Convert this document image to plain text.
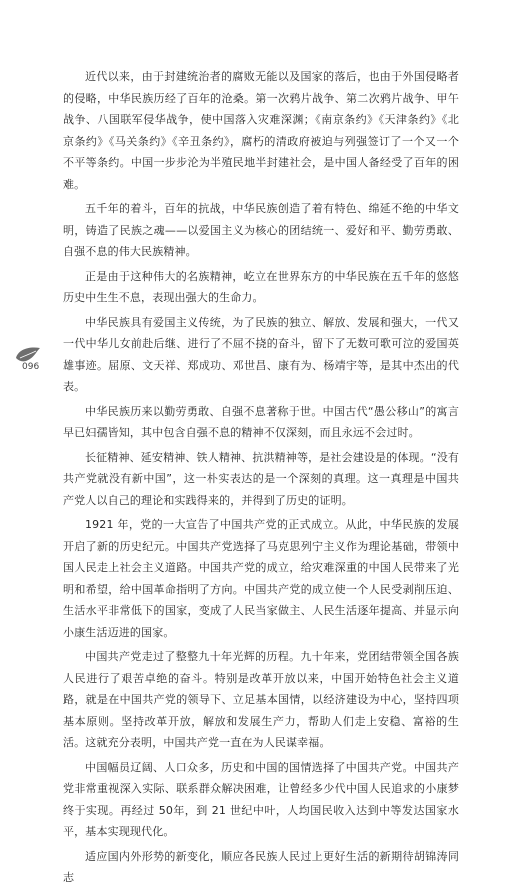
近代以来，由于封建统治者的腐败无能以及国家的落后，也由于外国侵略者的侵略，中华民族历经了百年的沧桑。第一次鸦片战争、第二次鸦片战争、甲午战争、八国联军侵华战争，使中国落入灾难深渊；《南京条约》《天津条约》《北京条约》《马关条约》《辛丑条约》，腐朽的清政府被迫与列强签订了一个又一个不平等条约。中国一步步沦为半殖民地半封建社会，是中国人备经受了百年的困难。

五千年的着斗，百年的抗战，中华民族创造了着有特色、绵延不绝的中华文明，铸造了民族之魂——以爱国主义为核心的团结统一、爱好和平、勤劳勇敢、自强不息的伟大民族精神。

正是由于这种伟大的名族精神，屹立在世界东方的中华民族在五千年的悠悠历史中生生不息，表现出强大的生命力。

中华民族具有爱国主义传统，为了民族的独立、解放、发展和强大，一代又一代中华儿女前赴后继、进行了不屈不挠的奋斗，留下了无数可歌可泣的爱国英雄事迹。屈原、文天祥、郑成功、邓世昌、康有为、杨靖宇等，是其中杰出的代表。

中华民族历来以勤劳勇敢、自强不息著称于世。中国古代“愚公移山”的寓言早已妇孺皆知，其中包含自强不息的精神不仅深刻，而且永远不会过时。

长征精神、延安精神、铁人精神、抗洪精神等，是社会建设是的体现。“没有共产党就没有新中国”，这一朴实表达的是一个深刻的真理。这一真理是中国共产党人以自己的理论和实践得来的，并得到了历史的证明。

1921 年，党的一大宣告了中国共产党的正式成立。从此，中华民族的发展开启了新的历史纪元。中国共产党选择了马克思列宁主义作为理论基础，带领中国人民走上社会主义道路。中国共产党的成立，给灾难深重的中国人民带来了光明和希望，给中国革命指明了方向。中国共产党的成立使一个人民受剥削压迫、生活水平非常低下的国家，变成了人民当家做主、人民生活逐年提高、并显示向小康生活迈进的国家。

中国共产党走过了整整九十年光辉的历程。九十年来，党团结带领全国各族人民进行了艰苦卓绝的奋斗。特别是改革开放以来，中国开始特色社会主义道路，就是在中国共产党的领导下、立足基本国情，以经济建设为中心，坚持四项基本原则。坚持改革开放，解放和发展生产力，帮助人们走上安稳、富裕的生活。这就充分表明，中国共产党一直在为人民谋幸福。

中国幅员辽阔、人口众多，历史和中国的国情选择了中国共产党。中国共产党非常重视深入实际、联系群众解决困难，让曾经多少代中国人民追求的小康梦终于实现。再经过 50年，到 21 世纪中叶，人均国民收入达到中等发达国家水平，基本实现现代化。

适应国内外形势的新变化，顺应各民族人民过上更好生活的新期待胡锦涛同志

096
